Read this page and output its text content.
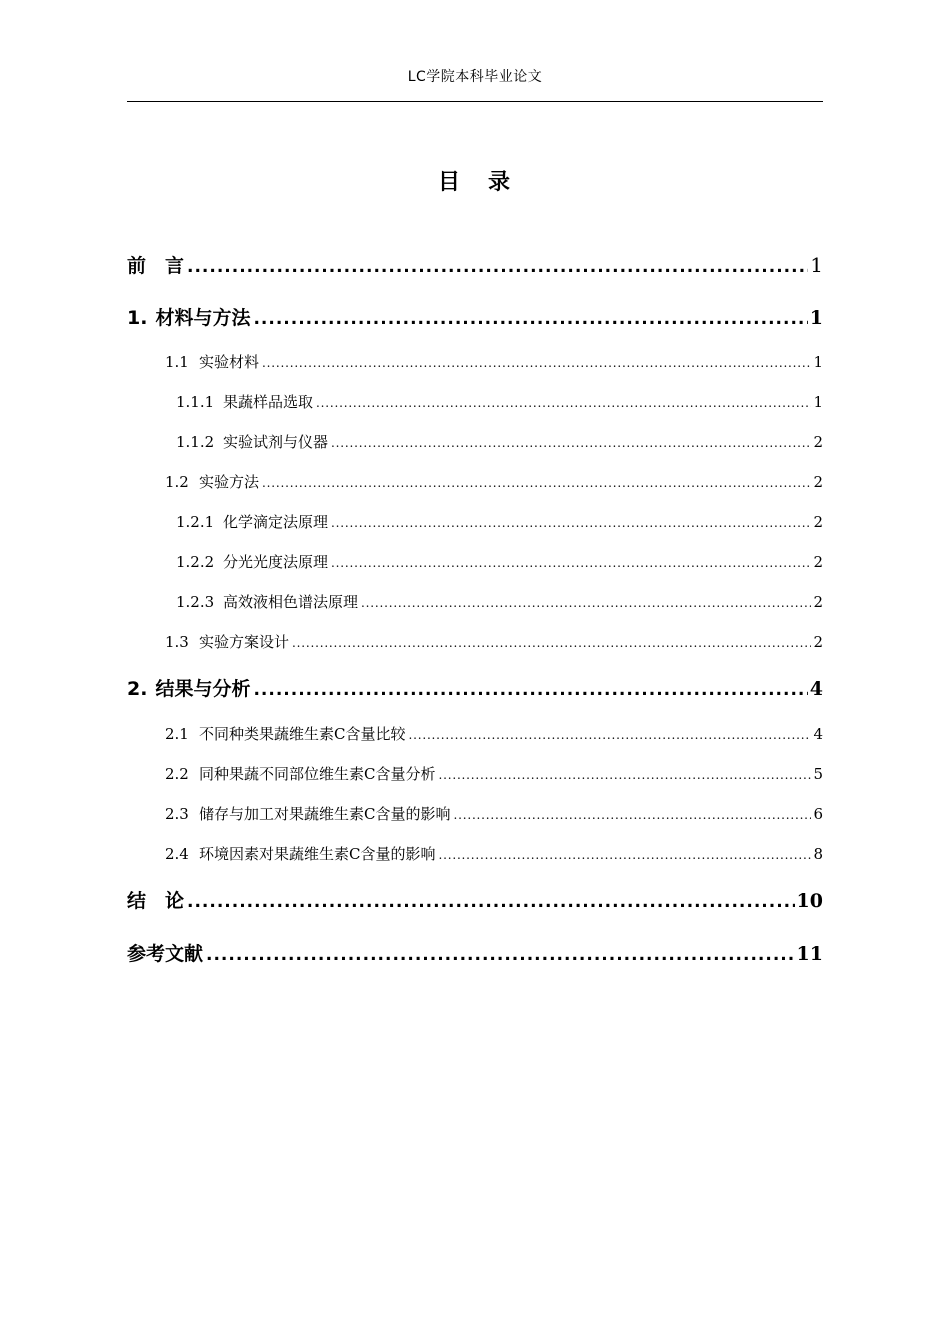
LC学院本科毕业论文
目 录
前　言 .....	1
1. 材料与方法 .....	1
1.1 实验材料 .....	1
1.1.1 果蔬样品选取 .....	1
1.1.2 实验试剂与仪器 .....	2
1.2 实验方法 .....	2
1.2.1 化学滴定法原理 .....	2
1.2.2 分光光度法原理 .....	2
1.2.3 高效液相色谱法原理 .....	2
1.3 实验方案设计 .....	2
2. 结果与分析 .....	4
2.1 不同种类果蔬维生素C含量比较 .....	4
2.2 同种果蔬不同部位维生素C含量分析 .....	5
2.3 储存与加工对果蔬维生素C含量的影响 .....	6
2.4 环境因素对果蔬维生素C含量的影响 .....	8
结　论 .....	10
参考文献 .....	11
